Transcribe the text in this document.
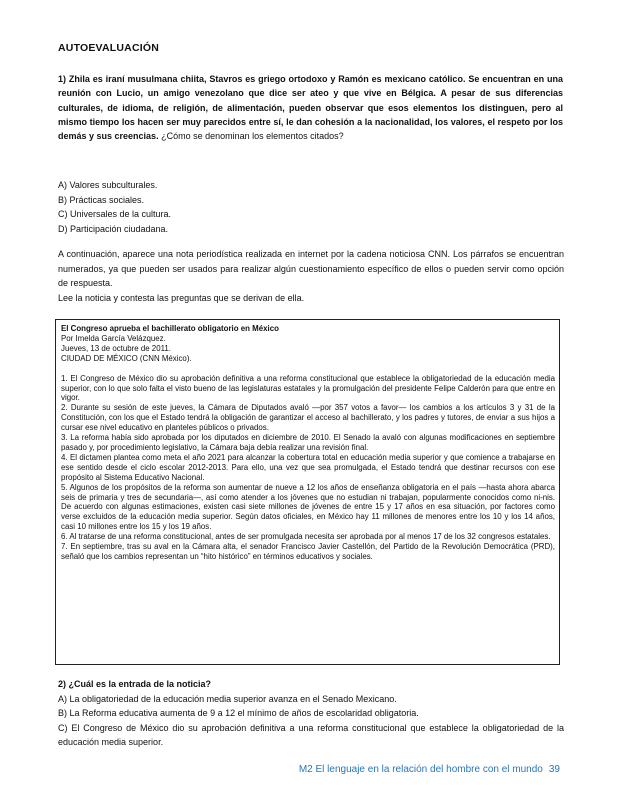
AUTOEVALUACIÓN
1) Zhila es iraní musulmana chiita, Stavros es griego ortodoxo y Ramón es mexicano católico. Se encuentran en una reunión con Lucio, un amigo venezolano que dice ser ateo y que vive en Bélgica. A pesar de sus diferencias culturales, de idioma, de religión, de alimentación, pueden observar que esos elementos los distinguen, pero al mismo tiempo los hacen ser muy parecidos entre sí, le dan cohesión a la nacionalidad, los valores, el respeto por los demás y sus creencias. ¿Cómo se denominan los elementos citados?
A) Valores subculturales.
B) Prácticas sociales.
C) Universales de la cultura.
D) Participación ciudadana.
A continuación, aparece una nota periodística realizada en internet por la cadena noticiosa CNN. Los párrafos se encuentran numerados, ya que pueden ser usados para realizar algún cuestionamiento específico de ellos o pueden servir como opción de respuesta.
Lee la noticia y contesta las preguntas que se derivan de ella.

El Congreso aprueba el bachillerato obligatorio en México

Por Imelda García Velázquez.

Jueves, 13 de octubre de 2011.

CIUDAD DE MÉXICO (CNN México).

1. El Congreso de México dio su aprobación definitiva a una reforma constitucional que establece la obligatoriedad de la educación media superior, con lo que solo falta el visto bueno de las legislaturas estatales y la promulgación del presidente Felipe Calderón para que entre en vigor.

2. Durante su sesión de este jueves, la Cámara de Diputados avaló —por 357 votos a favor— los cambios a los artículos 3 y 31 de la Constitución, con los que el Estado tendrá la obligación de garantizar el acceso al bachillerato, y los padres y tutores, de enviar a sus hijos a cursar ese nivel educativo en planteles públicos o privados.

3. La reforma había sido aprobada por los diputados en diciembre de 2010. El Senado la avaló con algunas modificaciones en septiembre pasado y, por procedimiento legislativo, la Cámara baja debía realizar una revisión final.

4. El dictamen plantea como meta el año 2021 para alcanzar la cobertura total en educación media superior y que comience a trabajarse en ese sentido desde el ciclo escolar 2012-2013. Para ello, una vez que sea promulgada, el Estado tendrá que destinar recursos con ese propósito al Sistema Educativo Nacional.

5. Algunos de los propósitos de la reforma son aumentar de nueve a 12 los años de enseñanza obligatoria en el país —hasta ahora abarca seis de primaria y tres de secundaria—, así como atender a los jóvenes que no estudian ni trabajan, popularmente conocidos como ni-nis. De acuerdo con algunas estimaciones, existen casi siete millones de jóvenes de entre 15 y 17 años en esa situación, por factores como verse excluidos de la educación media superior. Según datos oficiales, en México hay 11 millones de menores entre los 10 y los 14 años, casi 10 millones entre los 15 y los 19 años.

6. Al tratarse de una reforma constitucional, antes de ser promulgada necesita ser aprobada por al menos 17 de los 32 congresos estatales.

7. En septiembre, tras su aval en la Cámara alta, el senador Francisco Javier Castellón, del Partido de la Revolución Democrática (PRD), señaló que los cambios representan un “hito histórico” en términos educativos y sociales.

2) ¿Cuál es la entrada de la noticia?
A) La obligatoriedad de la educación media superior avanza en el Senado Mexicano.
B) La Reforma educativa aumenta de 9 a 12 el mínimo de años de escolaridad obligatoria.
C) El Congreso de México dio su aprobación definitiva a una reforma constitucional que establece la obligatoriedad de la educación media superior.
M2 El lenguaje en la relación del hombre con el mundo 39
